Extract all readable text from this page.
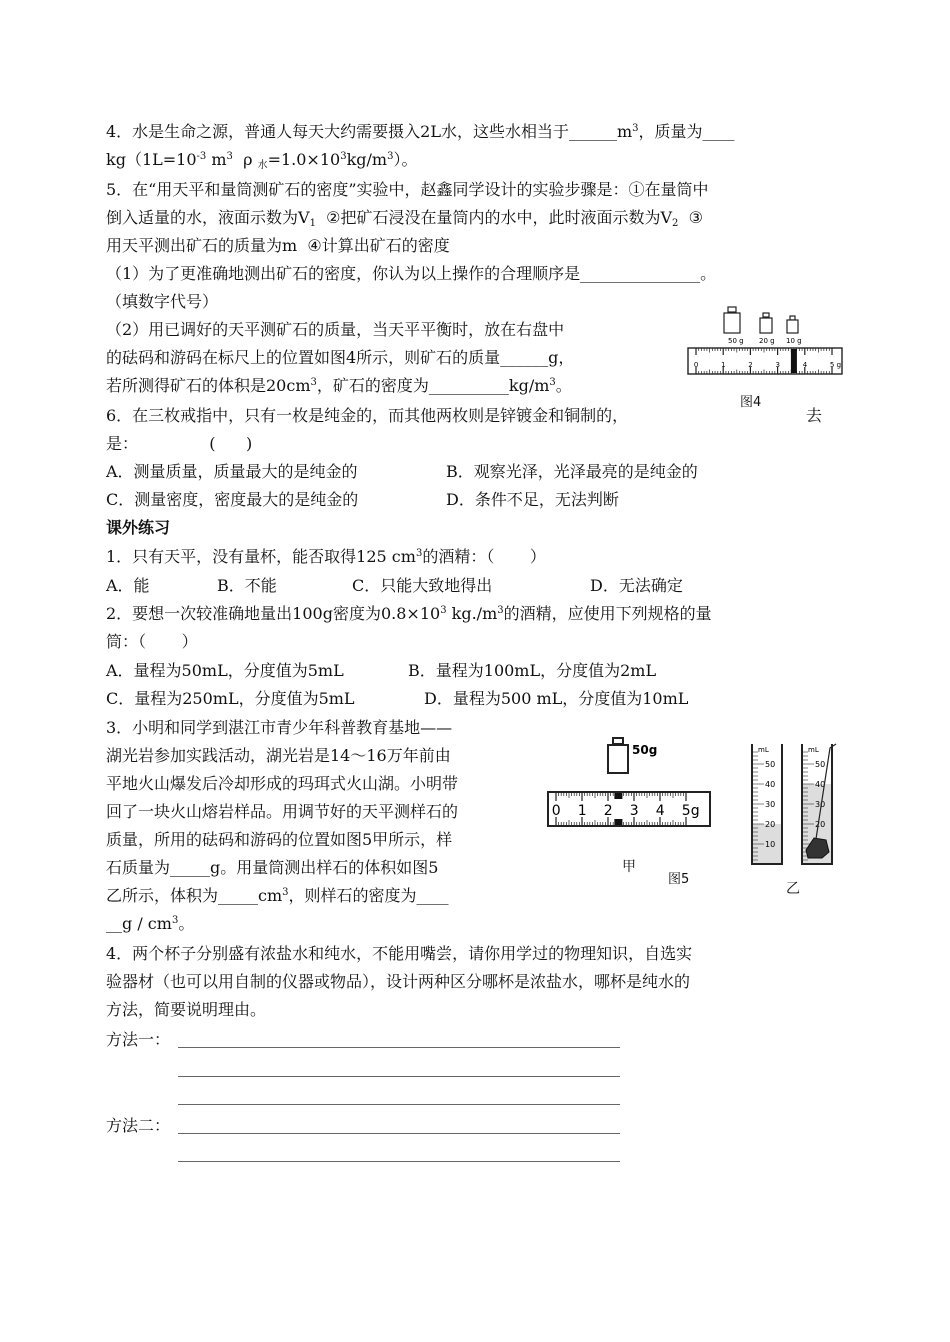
4．水是生命之源，普通人每天大约需要摄入2L水，这些水相当于$\_\_\_\_\_\_m^3$，质量为____
$kg(1L=10^{-3}$ $m^3$  ρ $_水=1.0\times 10^3kg/m^3$）。
5．在“用天平和量筒测矿石的密度”实验中，赵鑫同学设计的实验步骤是：①在量筒中
倒入适量的水，液面示数为$V_1$  ②把矿石浸没在量筒内的水中，此时液面示数为$V_2$  ③
用天平测出矿石的质量为m  ④计算出矿石的密度
（1）为了更准确地测出矿石的密度，你认为以上操作的合理顺序是_______________。
（填数字代号）
（2）用已调好的天平测矿石的质量，当天平平衡时，放在右盘中
的砝码和游码在标尺上的位置如图4所示，则矿石的质量______g，
若所测得矿石的体积是$20cm^3$，矿石的密度为$\_\_\_\_\_\_\_\_\_\_kg/m^3$。
50 g 20 g 10 g
0	1	2	3	4	5 g
图4
6．在三枚戒指中，只有一枚是纯金的，而其他两枚则是锌镀金和铜制的，	去
是：              (      )
A．测量质量，质量最大的是纯金的	B．观察光泽，光泽最亮的是纯金的
C．测量密度，密度最大的是纯金的	D．条件不足，无法判断
课外练习
1．只有天平，没有量杯，能否取得125 $cm^3$的酒精：（       ）
A．能	B．不能	C．只能大致地得出	D．无法确定
2．要想一次较准确地量出100g密度为$0.8\times 10^3$ $kg./m^3$的酒精，应使用下列规格的量
筒：（       ）
A．量程为50mL，分度值为5mL	B．量程为100mL，分度值为2mL
C．量程为250mL，分度值为5mL	D．量程为500 mL，分度值为10mL
3．小明和同学到湛江市青少年科普教育基地——
湖光岩参加实践活动，湖光岩是14～16万年前由
平地火山爆发后冷却形成的玛珥式火山湖。小明带
回了一块火山熔岩样品。用调节好的天平测样石的
质量，所用的砝码和游码的位置如图5甲所示，样
石质量为_____g。用量筒测出样石的体积如图5
乙所示，体积为$\_\_\_\_\_cm^3$，则样石的密度为____
__g / $cm^3$。
50g
0 1 2 3 4 5g
甲
图5
mL
50
40
30
20
10
mL
50
40
30
20
乙
4．两个杯子分别盛有浓盐水和纯水，不能用嘴尝，请你用学过的物理知识，自选实
验器材（也可以用自制的仪器或物品），设计两种区分哪杯是浓盐水，哪杯是纯水的
方法，简要说明理由。
方法一：
方法二：
